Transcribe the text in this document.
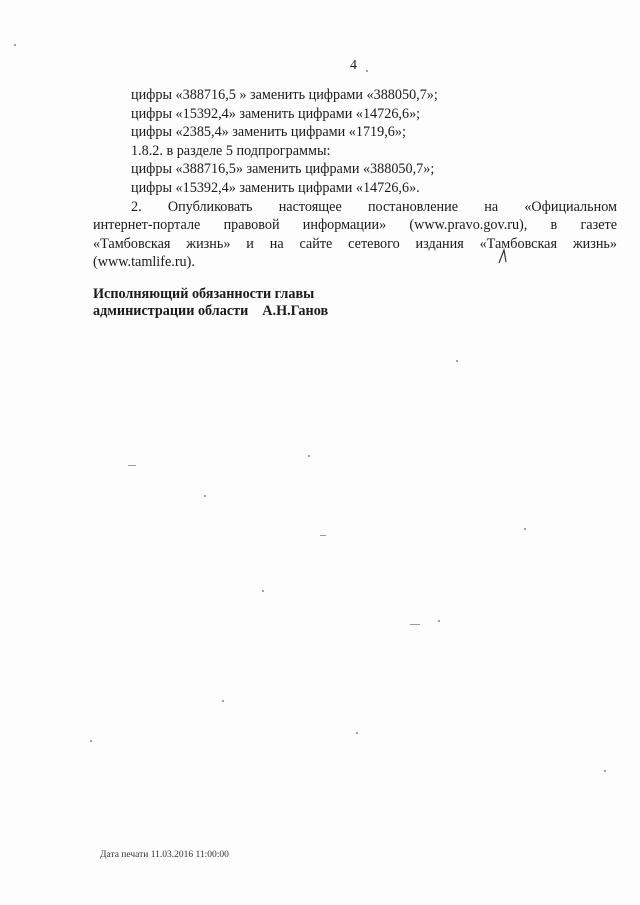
4
цифры «388716,5 » заменить цифрами «388050,7»;
цифры «15392,4» заменить цифрами «14726,6»;
цифры «2385,4» заменить цифрами «1719,6»;
1.8.2. в разделе 5 подпрограммы:
цифры «388716,5» заменить цифрами «388050,7»;
цифры «15392,4» заменить цифрами «14726,6».
2. Опубликовать настоящее постановление на «Официальном
интернет-портале правовой информации» (www.pravo.gov.ru), в газете
«Тамбовская жизнь» и на сайте сетевого издания «Тамбовская жизнь»
(www.tamlife.ru).
Исполняющий обязанности главы
администрации области А.Н.Ганов
Дата печати 11.03.2016 11:00:00
